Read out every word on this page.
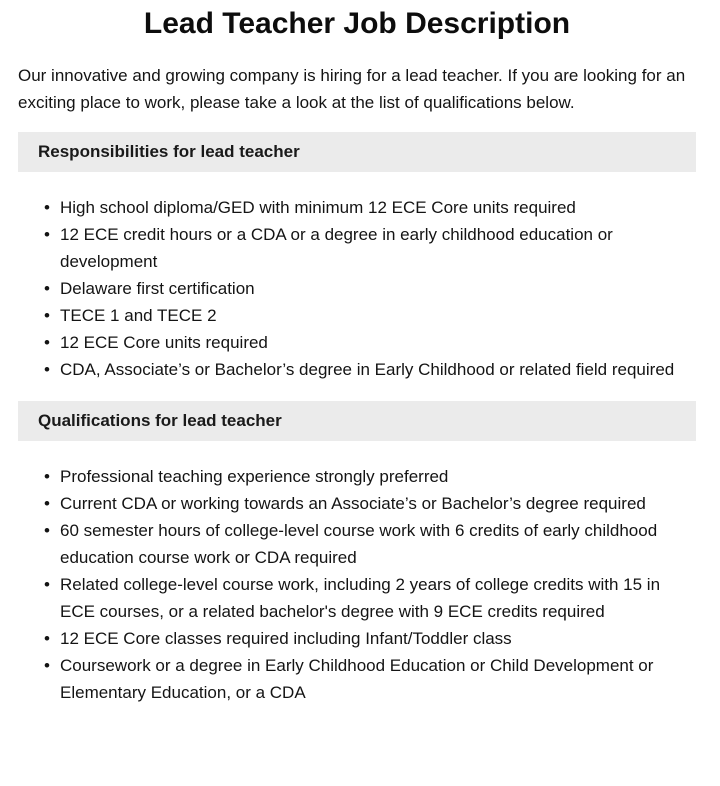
Lead Teacher Job Description

Our innovative and growing company is hiring for a lead teacher. If you are looking for an exciting place to work, please take a look at the list of qualifications below.

Responsibilities for lead teacher
• High school diploma/GED with minimum 12 ECE Core units required
• 12 ECE credit hours or a CDA or a degree in early childhood education or development
• Delaware first certification
• TECE 1 and TECE 2
• 12 ECE Core units required
• CDA, Associate’s or Bachelor’s degree in Early Childhood or related field required
Qualifications for lead teacher
• Professional teaching experience strongly preferred
• Current CDA or working towards an Associate’s or Bachelor’s degree required
• 60 semester hours of college-level course work with 6 credits of early childhood education course work or CDA required
• Related college-level course work, including 2 years of college credits with 15 in ECE courses, or a related bachelor's degree with 9 ECE credits required
• 12 ECE Core classes required including Infant/Toddler class
• Coursework or a degree in Early Childhood Education or Child Development or Elementary Education, or a CDA
